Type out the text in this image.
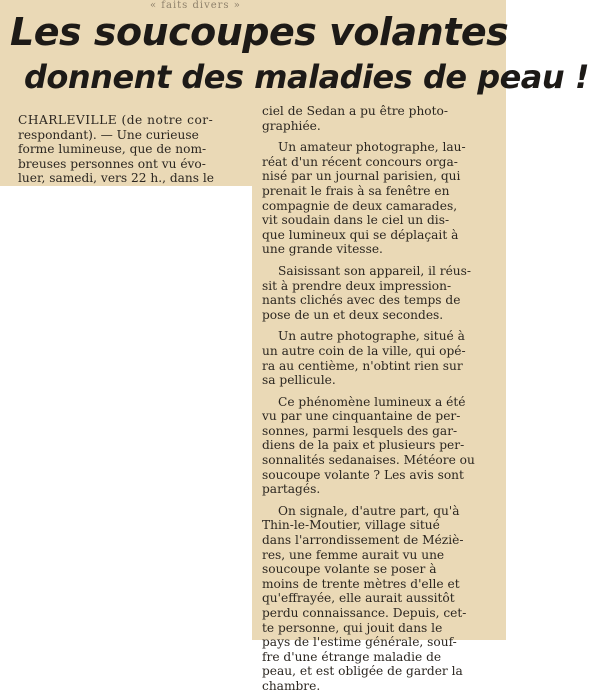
« faits divers »
Les soucoupes volantes
donnent des maladies de peau !

CHARLEVILLE (de notre cor-
respondant). — Une curieuse
forme lumineuse, que de nom-
breuses personnes ont vu évo-
luer, samedi, vers 22 h., dans le

ciel de Sedan a pu être photo-
graphiée.

Un amateur photographe, lau-
réat d'un récent concours orga-
nisé par un journal parisien, qui
prenait le frais à sa fenêtre en
compagnie de deux camarades,
vit soudain dans le ciel un dis-
que lumineux qui se déplaçait à
une grande vitesse.

Saisissant son appareil, il réus-
sit à prendre deux impression-
nants clichés avec des temps de
pose de un et deux secondes.

Un autre photographe, situé à
un autre coin de la ville, qui opé-
ra au centième, n'obtint rien sur
sa pellicule.

Ce phénomène lumineux a été
vu par une cinquantaine de per-
sonnes, parmi lesquels des gar-
diens de la paix et plusieurs per-
sonnalités sedanaises. Météore ou
soucoupe volante ? Les avis sont
partagés.

On signale, d'autre part, qu'à
Thin-le-Moutier, village situé
dans l'arrondissement de Méziè-
res, une femme aurait vu une
soucoupe volante se poser à
moins de trente mètres d'elle et
qu'effrayée, elle aurait aussitôt
perdu connaissance. Depuis, cet-
te personne, qui jouit dans le
pays de l'estime générale, souf-
fre d'une étrange maladie de
peau, et est obligée de garder la
chambre.
